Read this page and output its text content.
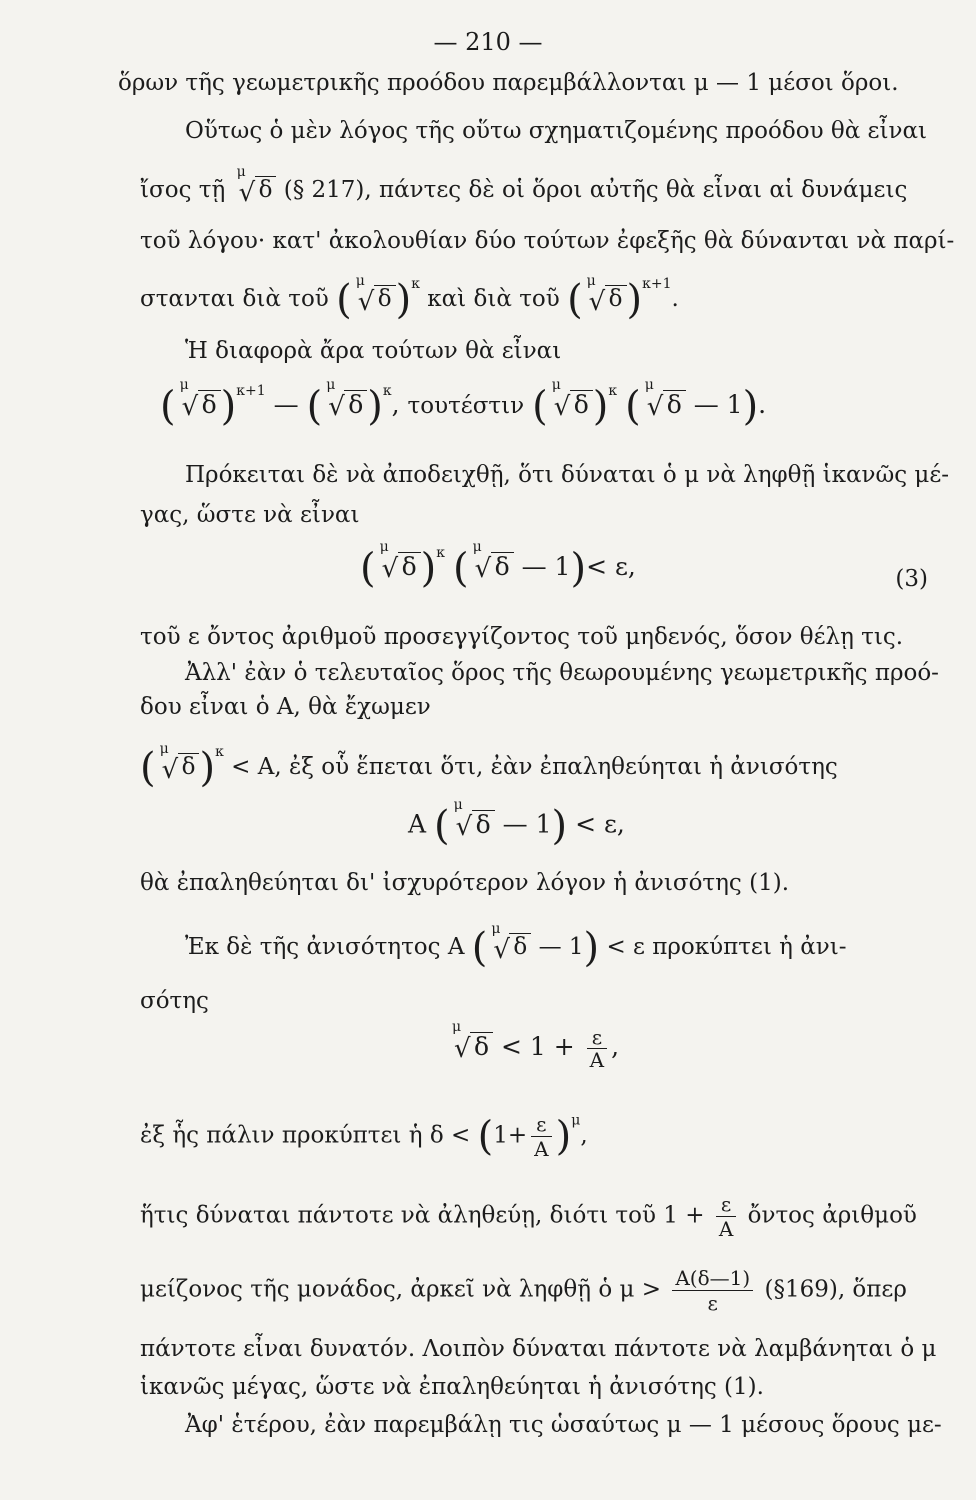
— 210 —
ὅρων τῆς γεωμετρικῆς προόδου παρεμβάλλονται μ — 1 μέσοι ὅροι.
Οὕτως ὁ μὲν λόγος τῆς οὕτω σχηματιζομένης προόδου θὰ εἶναι
ἴσος τῇ
μ
√ δ (§ 217), πάντες δὲ οἱ ὅροι αὐτῆς θὰ εἶναι αἱ δυνάμεις
τοῦ λόγου· κατ' ἀκολουθίαν δύο τούτων ἐφεξῆς θὰ δύνανται νὰ παρί-
στανται διὰ τοῦ ( μ
√ δ )$^\kappa$ καὶ διὰ τοῦ ( μ
√ δ )$^{\kappa+1}$.
Ἡ διαφορὰ ἄρα τούτων θὰ εἶναι
( μ
√ δ )$^{\kappa+1}$ — ( μ
√ δ )$^\kappa$, τουτέστιν ( μ
√ δ )$^\kappa$ ( μ
√ δ — 1).
Πρόκειται δὲ νὰ ἀποδειχθῇ, ὅτι δύναται ὁ μ νὰ ληφθῇ ἱκανῶς μέ-
γας, ὥστε νὰ εἶναι
( μ
√ δ )$^\kappa$ ( μ
√ δ — 1)< ε,	(3)
τοῦ ε ὄντος ἀριθμοῦ προσεγγίζοντος τοῦ μηδενός, ὅσον θέλῃ τις.
Ἀλλ' ἐὰν ὁ τελευταῖος ὅρος τῆς θεωρουμένης γεωμετρικῆς προό-
δου εἶναι ὁ Α, θὰ ἔχωμεν
( μ
√ δ )$^\kappa$ < Α, ἐξ οὗ ἕπεται ὅτι, ἐὰν ἐπαληθεύηται ἡ ἀνισότης
Α ( μ
√ δ — 1) < ε,
θὰ ἐπαληθεύηται δι' ἰσχυρότερον λόγον ἡ ἀνισότης (1).
Ἐκ δὲ τῆς ἀνισότητος Α ( μ
√ δ — 1) < ε προκύπτει ἡ ἀνι-
σότης
μ
√ $\delta < 1 + \frac{\varepsilon}{A}$ ,
ἐξ ἧς πάλιν προκύπτει ἡ $\delta < (1+ \frac{\varepsilon}{A} )^\mu$,
ἥτις δύναται πάντοτε νὰ ἀληθεύῃ, διότι τοῦ $1 + \frac{\varepsilon}{A}$ ὄντος ἀριθμοῦ
μείζονος τῆς μονάδος, ἀρκεῖ νὰ ληφθῇ ὁ $\mu > \frac{A(\delta—1)}{\varepsilon}$ (§169), ὅπερ
πάντοτε εἶναι δυνατόν. Λοιπὸν δύναται πάντοτε νὰ λαμβάνηται ὁ μ
ἱκανῶς μέγας, ὥστε νὰ ἐπαληθεύηται ἡ ἀνισότης (1).
Ἀφ' ἑτέρου, ἐὰν παρεμβάλῃ τις ὡσαύτως μ — 1 μέσους ὅρους με-
